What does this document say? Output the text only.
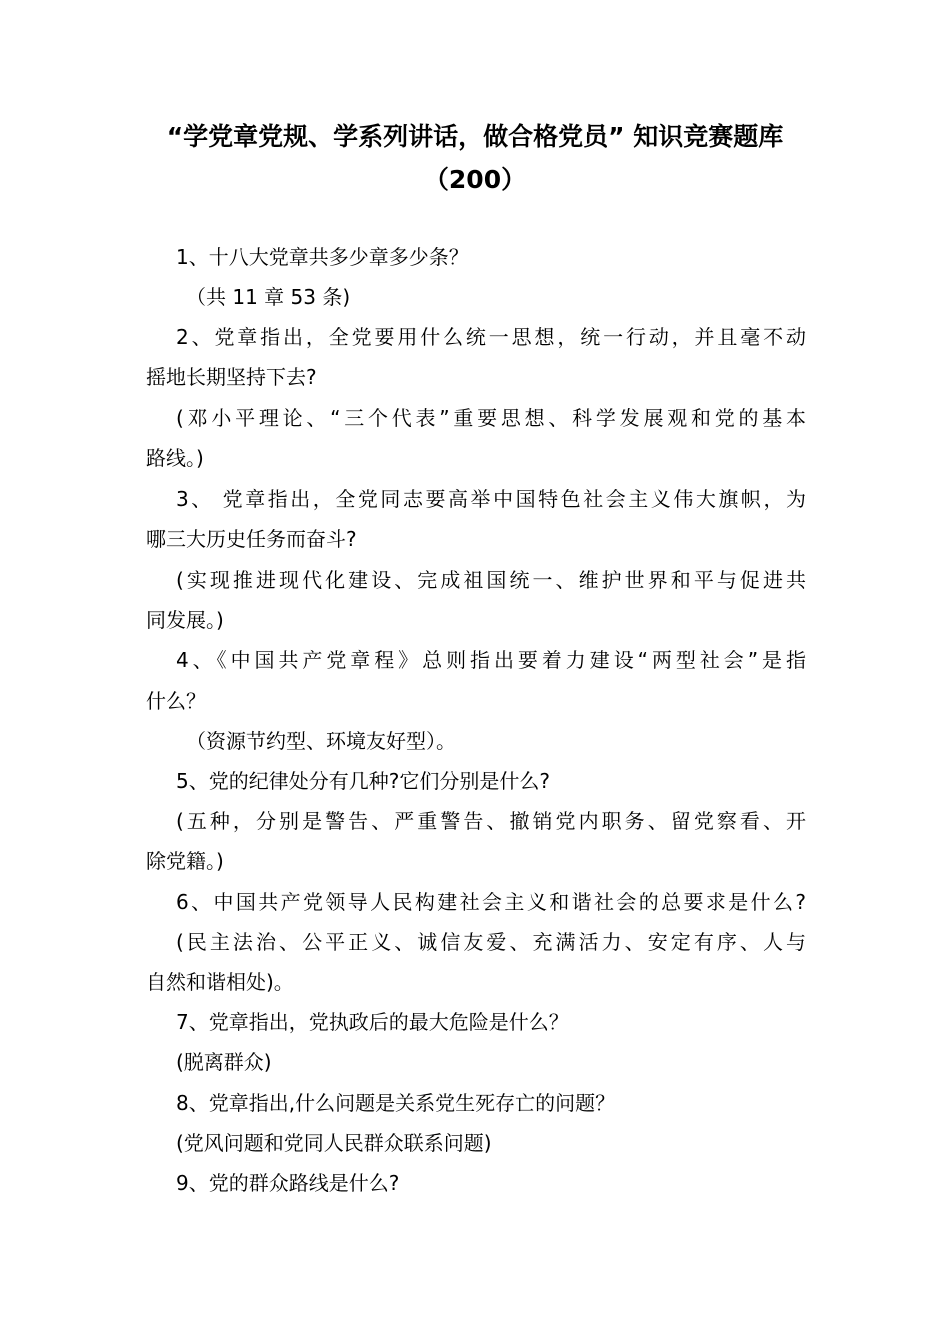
“学党章党规、学系列讲话，做合格党员” 知识竞赛题库
（200）
1、十八大党章共多少章多少条？
（共 11 章 53 条)
2、党章指出，全党要用什么统一思想，统一行动，并且毫不动
摇地长期坚持下去?
(邓小平理论、“三个代表”重要思想、科学发展观和党的基本
路线。)
3、 党章指出，全党同志要高举中国特色社会主义伟大旗帜，为
哪三大历史任务而奋斗?
(实现推进现代化建设、完成祖国统一、维护世界和平与促进共
同发展。)
4、《中国共产党章程》总则指出要着力建设“两型社会”是指
什么？
（资源节约型、环境友好型）。
5、党的纪律处分有几种?它们分别是什么?
(五种，分别是警告、严重警告、撤销党内职务、留党察看、开
除党籍。)
6、中国共产党领导人民构建社会主义和谐社会的总要求是什么?
(民主法治、公平正义、诚信友爱、充满活力、安定有序、人与
自然和谐相处)。
7、党章指出，党执政后的最大危险是什么？
(脱离群众)
8、党章指出,什么问题是关系党生死存亡的问题？
(党风问题和党同人民群众联系问题)
9、党的群众路线是什么?
